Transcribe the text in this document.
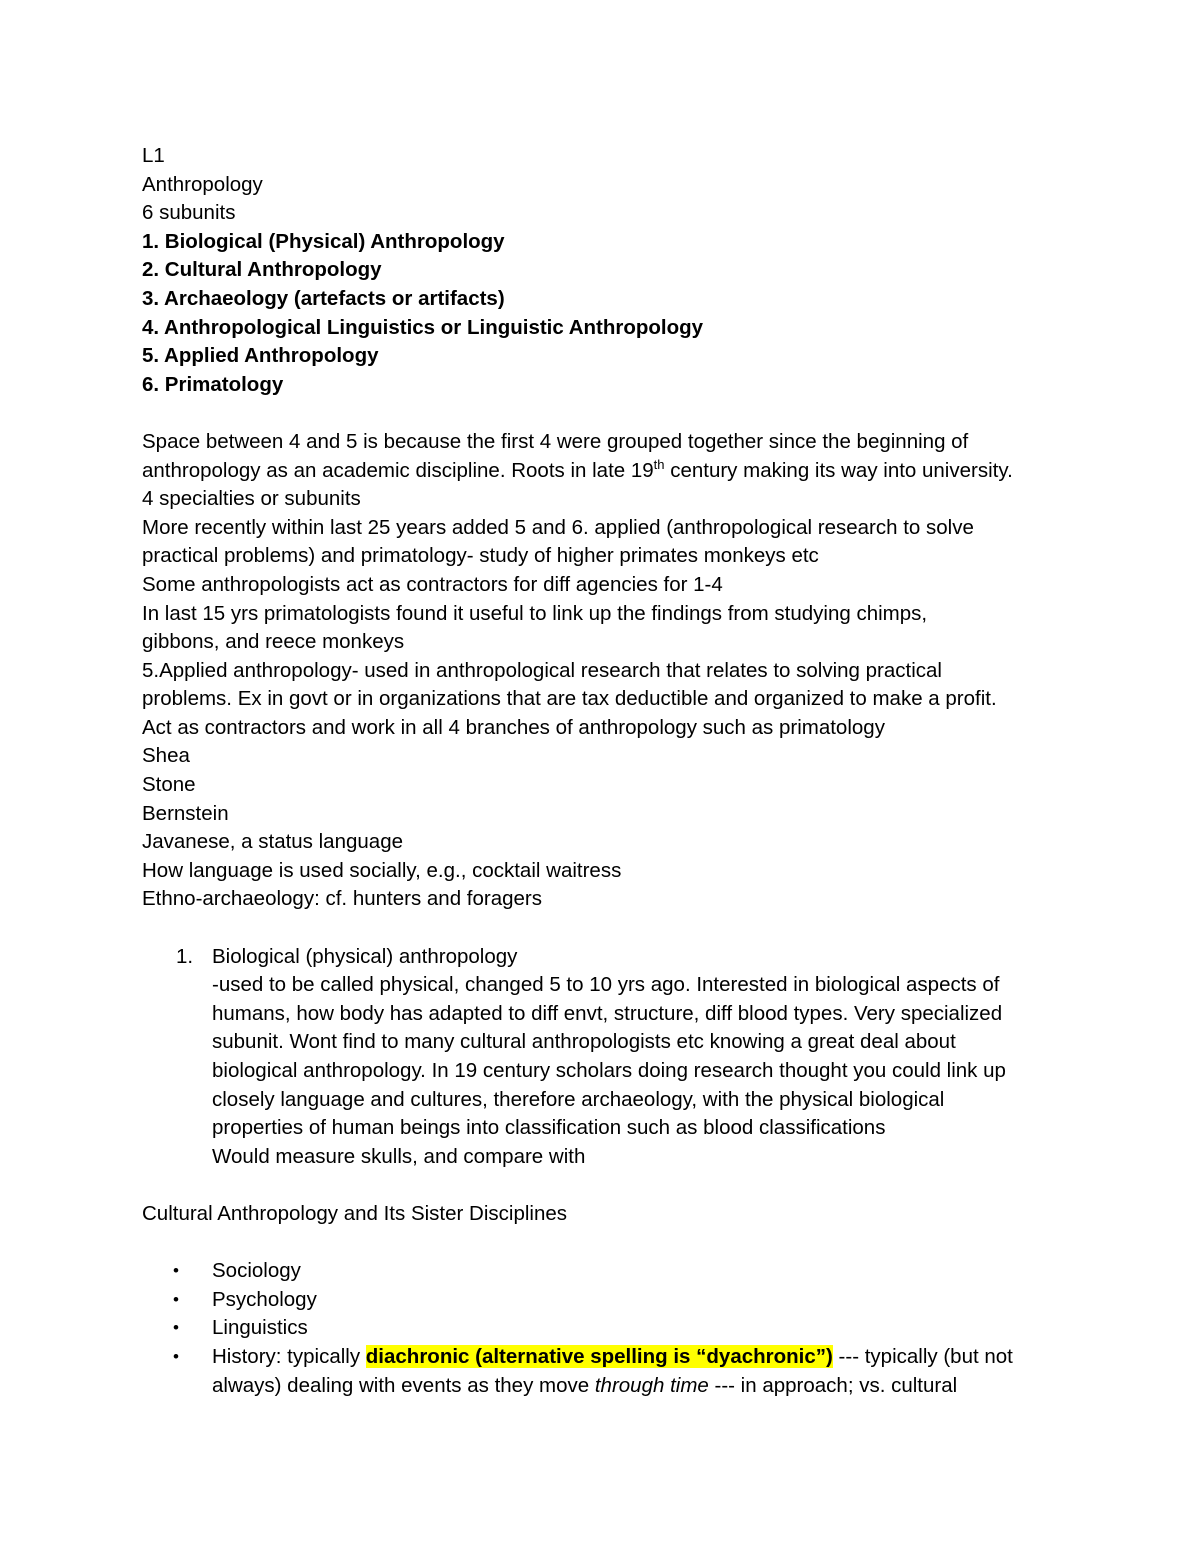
L1
Anthropology
6 subunits
1. Biological (Physical) Anthropology
2. Cultural Anthropology
3. Archaeology (artefacts or artifacts)
4. Anthropological Linguistics or Linguistic Anthropology
5. Applied Anthropology
6. Primatology
Space between 4 and 5 is because the first 4 were grouped together since the beginning of
anthropology as an academic discipline. Roots in late 19th century making its way into university.
4 specialties or subunits
More recently within last 25 years added 5 and 6. applied (anthropological research to solve
practical problems) and primatology- study of higher primates monkeys etc
Some anthropologists act as contractors for diff agencies for 1-4
In last 15 yrs primatologists found it useful to link up the findings from studying chimps,
gibbons, and reece monkeys
5.Applied anthropology- used in anthropological research that relates to solving practical
problems. Ex in govt or in organizations that are tax deductible and organized to make a profit.
Act as contractors and work in all 4 branches of anthropology such as primatology
Shea
Stone
Bernstein
Javanese, a status language
How language is used socially, e.g., cocktail waitress
Ethno-archaeology: cf. hunters and foragers
1. Biological (physical) anthropology
-used to be called physical, changed 5 to 10 yrs ago. Interested in biological aspects of
humans, how body has adapted to diff envt, structure, diff blood types. Very specialized
subunit. Wont find to many cultural anthropologists etc knowing a great deal about
biological anthropology. In 19 century scholars doing research thought you could link up
closely language and cultures, therefore archaeology, with the physical biological
properties of human beings into classification such as blood classifications
Would measure skulls, and compare with
Cultural Anthropology and Its Sister Disciplines
• Sociology
• Psychology
• Linguistics
• History: typically diachronic (alternative spelling is “dyachronic”) --- typically (but not
always) dealing with events as they move through time --- in approach; vs. cultural
